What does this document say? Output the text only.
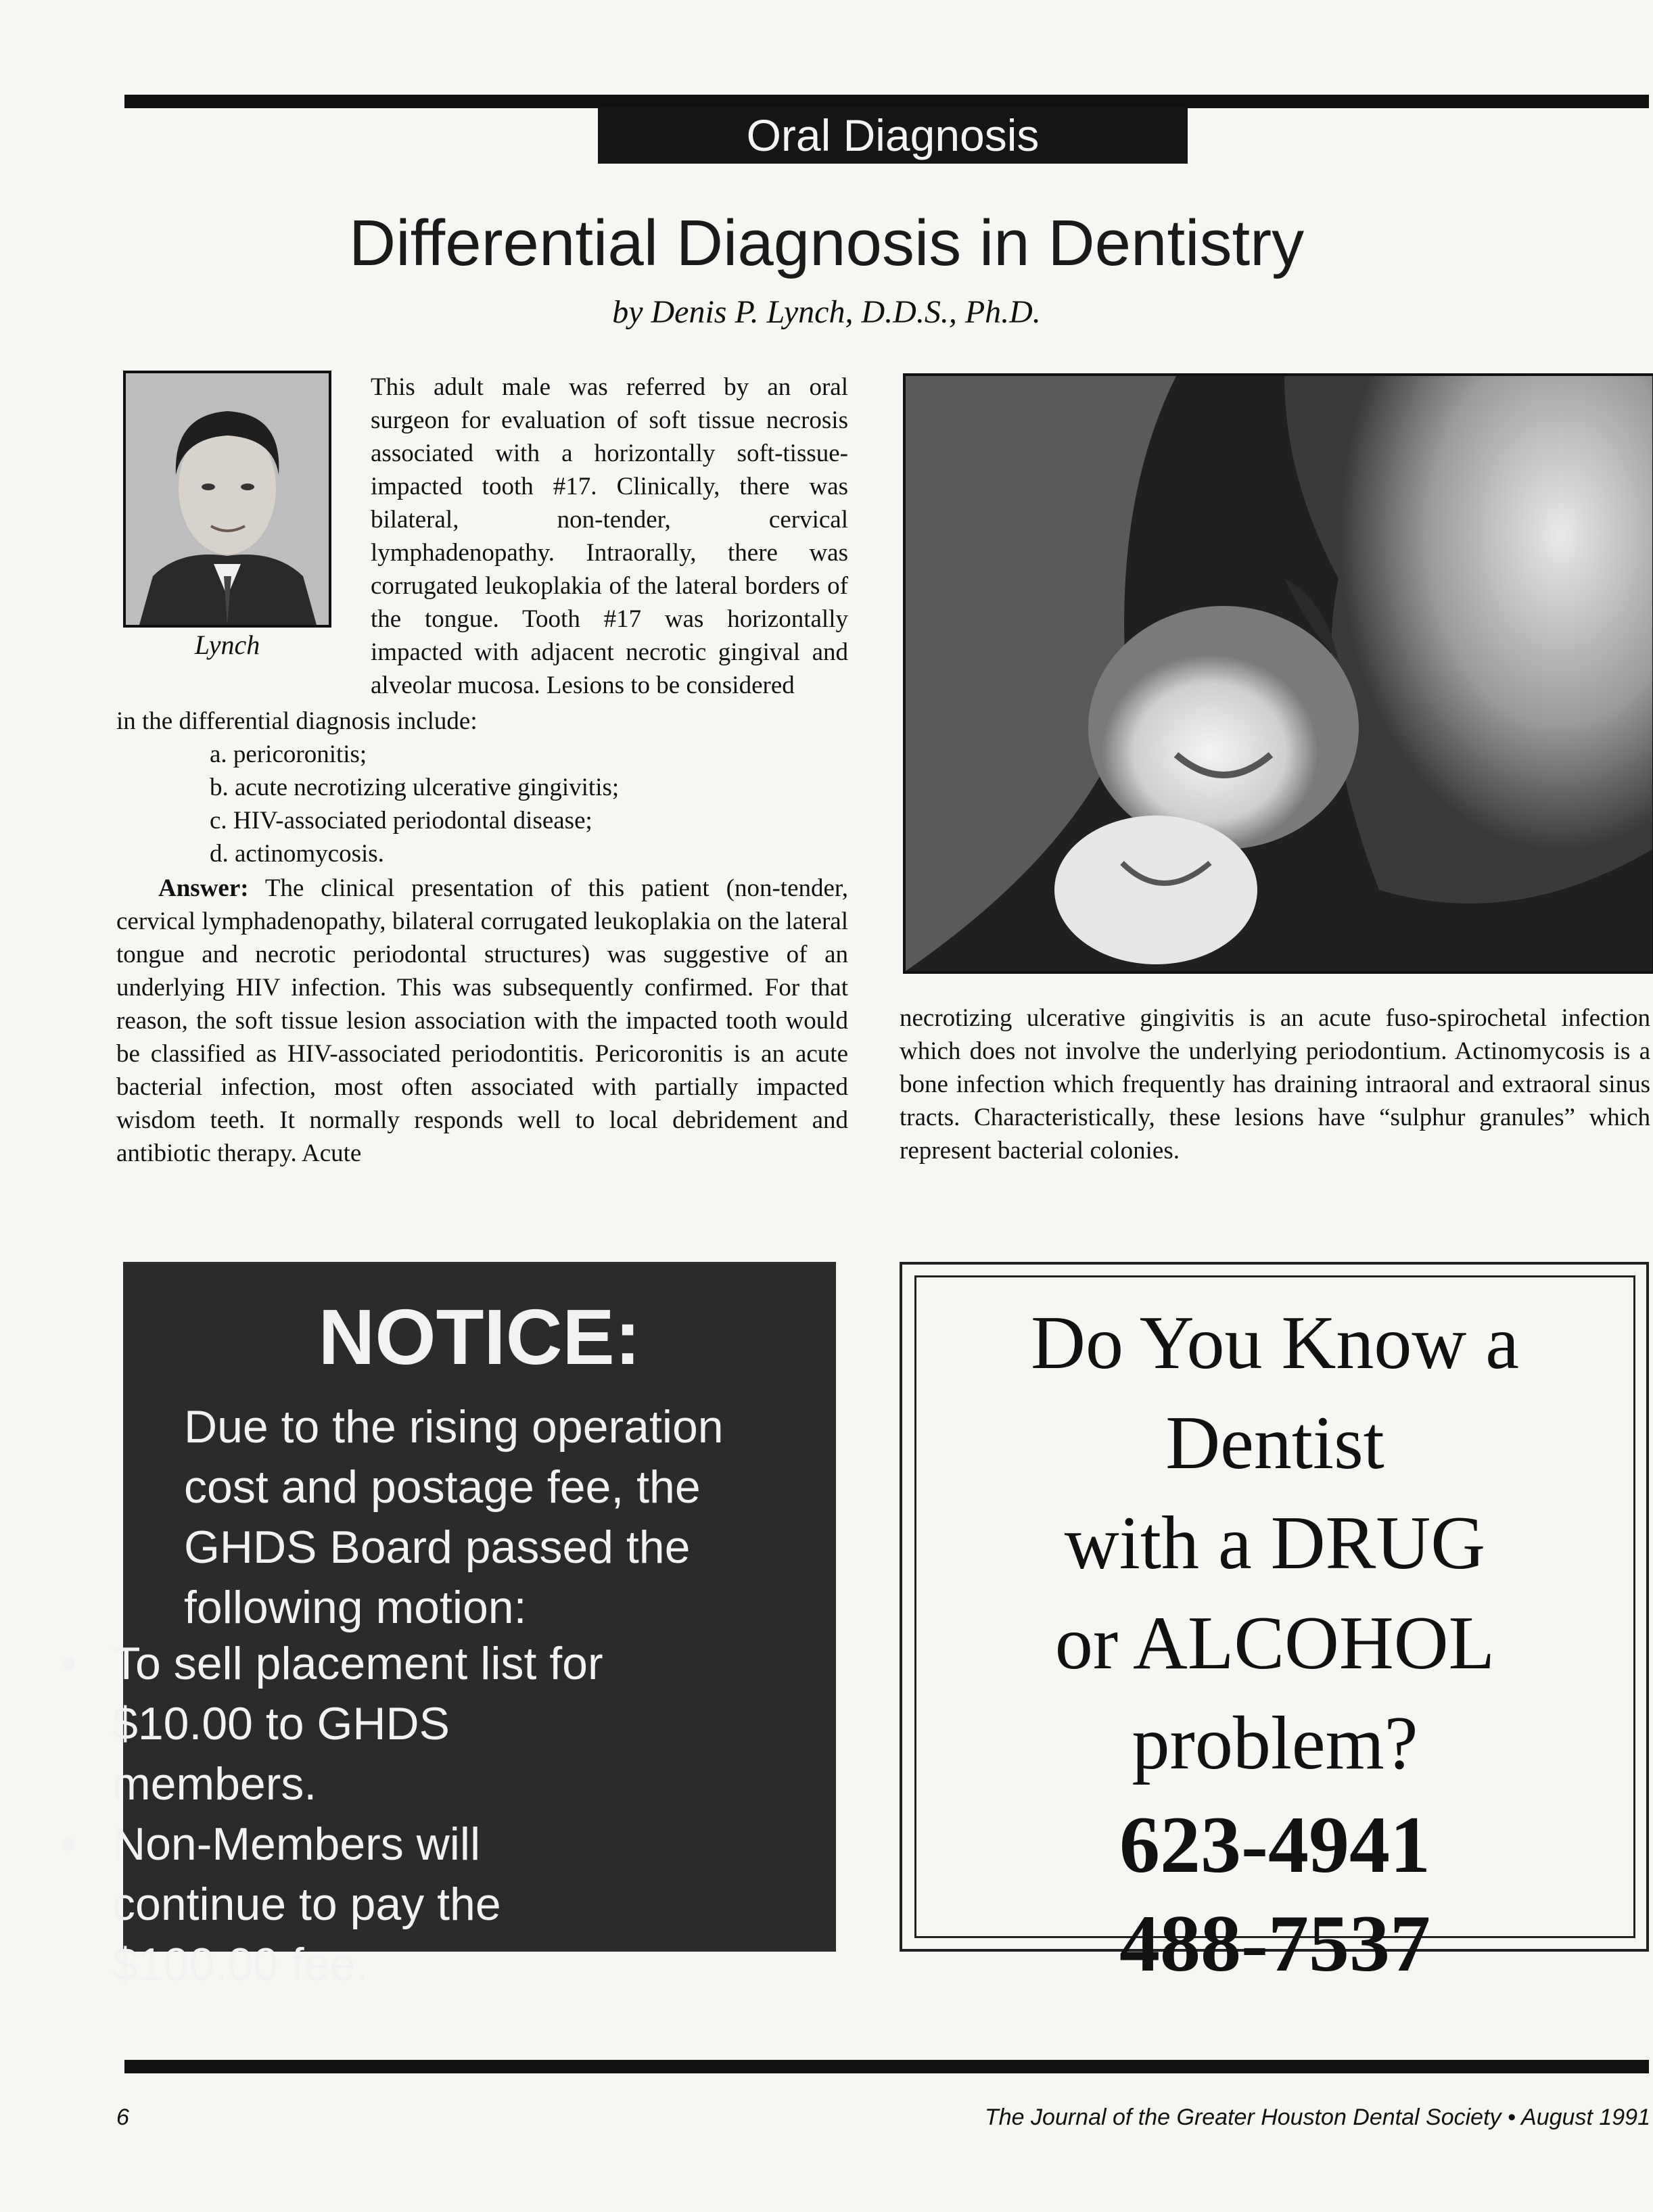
Oral Diagnosis
Differential Diagnosis in Dentistry
by Denis P. Lynch, D.D.S., Ph.D.
Lynch
This adult male was referred by an oral surgeon for evaluation of soft tissue necrosis associated with a horizontally soft-tissue-impacted tooth #17. Clinically, there was bilateral, non-tender, cervical lymphadenopathy. Intraorally, there was corrugated leukoplakia of the lateral borders of the tongue. Tooth #17 was horizontally impacted with adjacent necrotic gingival and alveolar mucosa. Lesions to be considered
in the differential diagnosis include:
a. pericoronitis;
b. acute necrotizing ulcerative gingivitis;
c. HIV-associated periodontal disease;
d. actinomycosis.
Answer: The clinical presentation of this patient (non-tender, cervical lymphadenopathy, bilateral corrugated leukoplakia on the lateral tongue and necrotic periodontal structures) was suggestive of an underlying HIV infection. This was subsequently confirmed. For that reason, the soft tissue lesion association with the impacted tooth would be classified as HIV-associated periodontitis. Pericoronitis is an acute bacterial infection, most often associated with partially impacted wisdom teeth. It normally responds well to local debridement and antibiotic therapy. Acute
necrotizing ulcerative gingivitis is an acute fuso-spirochetal infection which does not involve the underlying periodontium. Actinomycosis is a bone infection which frequently has draining intraoral and extraoral sinus tracts. Characteristically, these lesions have “sulphur granules” which represent bacterial colonies.
NOTICE:
Due to the rising operation
cost and postage fee, the
GHDS Board passed the
following motion:
• To sell placement list for
$10.00 to GHDS
members.
• Non-Members will
continue to pay the
$100.00 fee.
Do You Know a
Dentist
with a DRUG
or ALCOHOL
problem?
623-4941
488-7537
6	The Journal of the Greater Houston Dental Society • August 1991
